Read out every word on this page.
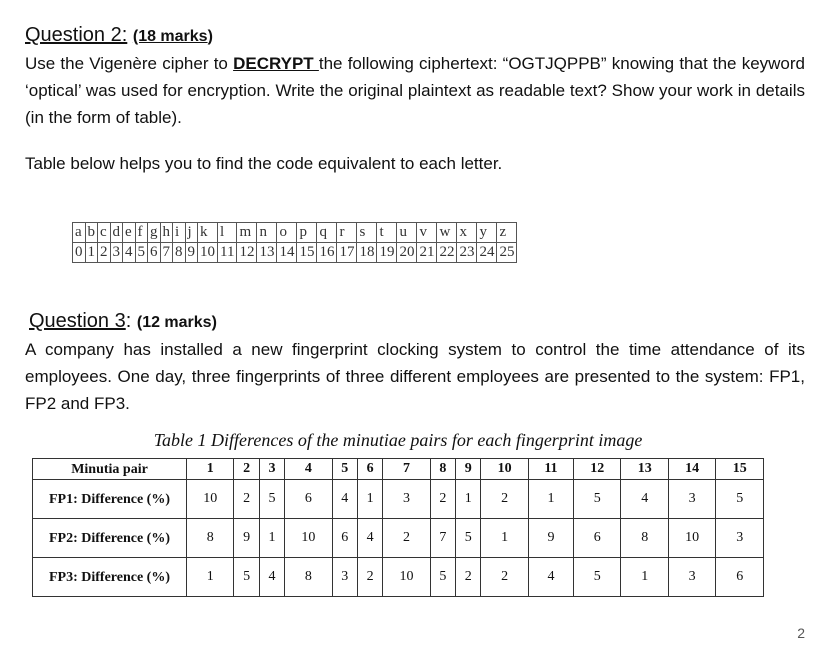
Question 2: (18 marks)
Use the Vigenère cipher to DECRYPT the following ciphertext: “OGTJQPPB” knowing that the keyword ‘optical’ was used for encryption. Write the original plaintext as readable text? Show your work in details (in the form of table).
Table below helps you to find the code equivalent to each letter.
a	b	c	d	e	f	g	h	i	j	k	l	m	n	o	p	q	r	s	t	u	v	w	x	y	z
0	1	2	3	4	5	6	7	8	9	10	11	12	13	14	15	16	17	18	19	20	21	22	23	24	25
Question 3: (12 marks)
A company has installed a new fingerprint clocking system to control the time attendance of its employees. One day, three fingerprints of three different employees are presented to the system: FP1, FP2 and FP3.
Table 1 Differences of the minutiae pairs for each fingerprint image
Minutia pair	1	2	3	4	5	6	7	8	9	10	11	12	13	14	15
FP1: Difference (%)	10	2	5	6	4	1	3	2	1	2	1	5	4	3	5
FP2: Difference (%)	8	9	1	10	6	4	2	7	5	1	9	6	8	10	3
FP3: Difference (%)	1	5	4	8	3	2	10	5	2	2	4	5	1	3	6
2
